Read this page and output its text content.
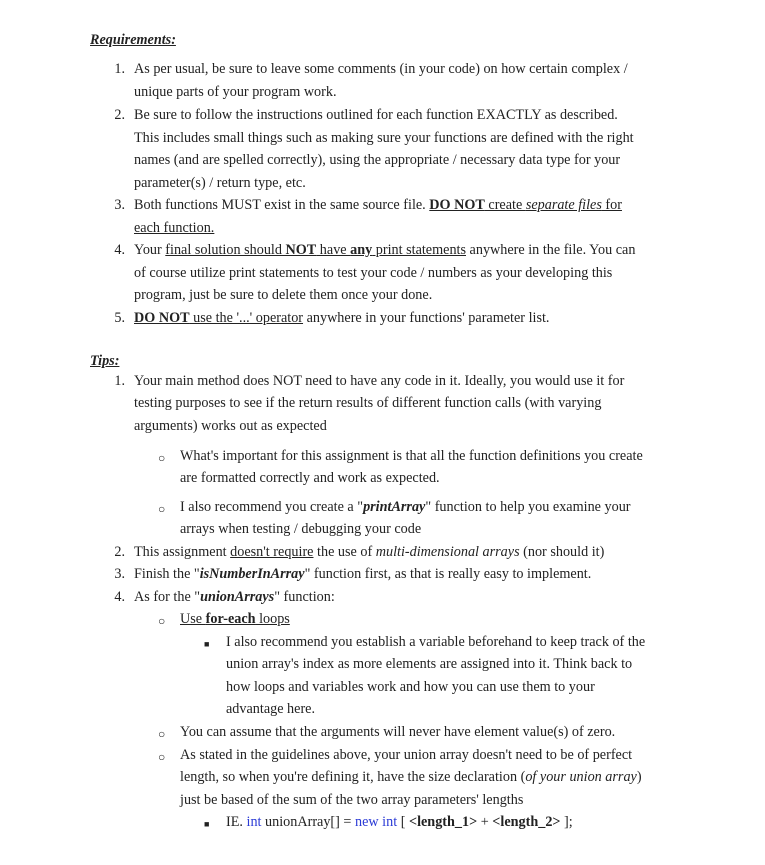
Requirements:
1. As per usual, be sure to leave some comments (in your code) on how certain complex /
unique parts of your program work.
2. Be sure to follow the instructions outlined for each function EXACTLY as described.
This includes small things such as making sure your functions are defined with the right
names (and are spelled correctly), using the appropriate / necessary data type for your
parameter(s) / return type, etc.
3. Both functions MUST exist in the same source file. DO NOT create separate files for
each function.
4. Your final solution should NOT have any print statements anywhere in the file. You can
of course utilize print statements to test your code / numbers as your developing this
program, just be sure to delete them once your done.
5. DO NOT use the '...' operator anywhere in your functions' parameter list.
Tips:
1. Your main method does NOT need to have any code in it. Ideally, you would use it for
testing purposes to see if the return results of different function calls (with varying
arguments) works out as expected
○ What's important for this assignment is that all the function definitions you create
are formatted correctly and work as expected.
○ I also recommend you create a "printArray" function to help you examine your
arrays when testing / debugging your code
2. This assignment doesn't require the use of multi-dimensional arrays (nor should it)
3. Finish the "isNumberInArray" function first, as that is really easy to implement.
4. As for the "unionArrays" function:
○ Use for-each loops
■ I also recommend you establish a variable beforehand to keep track of the
union array's index as more elements are assigned into it. Think back to
how loops and variables work and how you can use them to your
advantage here.
○ You can assume that the arguments will never have element value(s) of zero.
○ As stated in the guidelines above, your union array doesn't need to be of perfect
length, so when you're defining it, have the size declaration (of your union array)
just be based of the sum of the two array parameters' lengths
■ IE. int unionArray[] = new int [ <length_1> + <length_2> ];
